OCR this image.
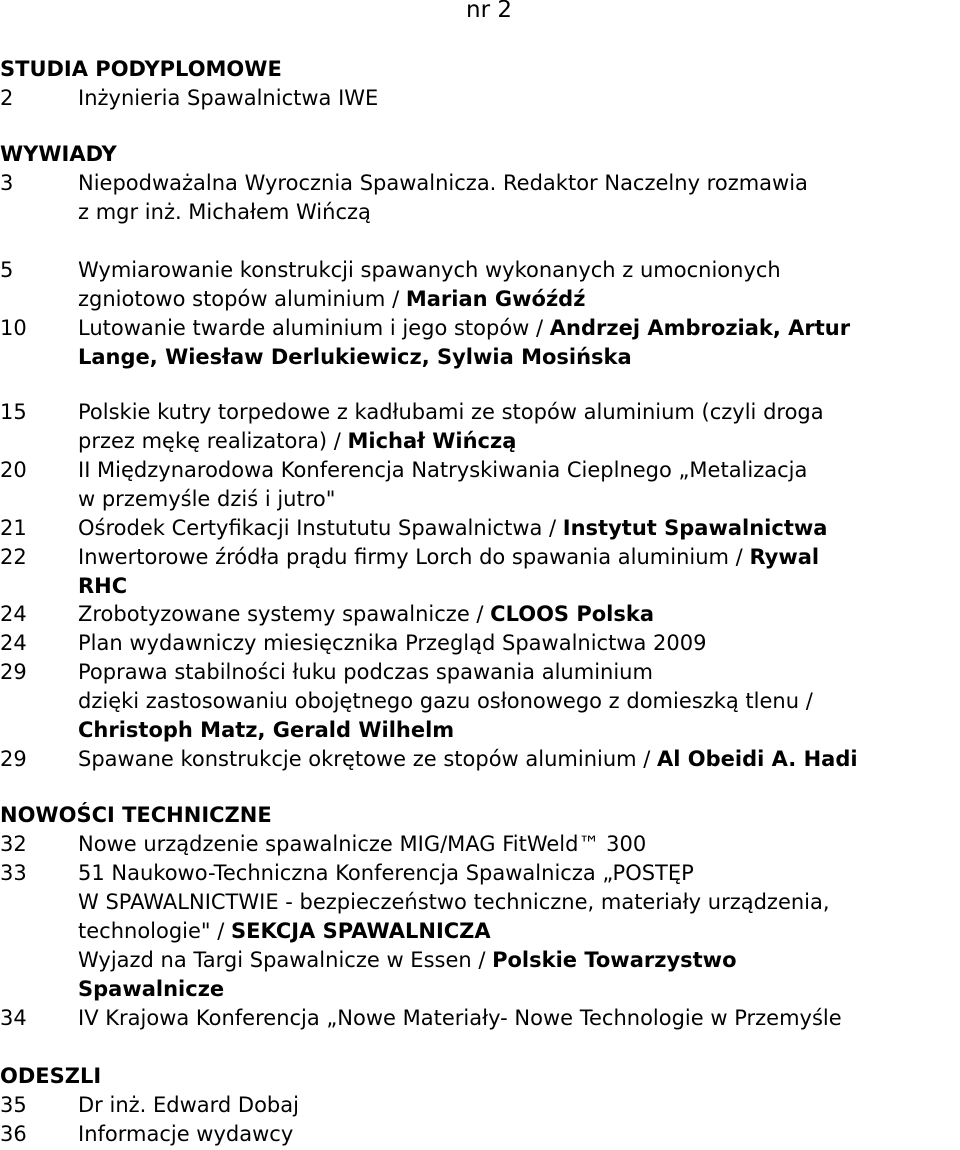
nr 2
STUDIA PODYPLOMOWE
2	Inżynieria Spawalnictwa IWE
WYWIADY
3	Niepodważalna Wyrocznia Spawalnicza. Redaktor Naczelny rozmawia
z mgr inż. Michałem Wińczą
5	Wymiarowanie konstrukcji spawanych wykonanych z umocnionych
zgniotowo stopów aluminium / Marian Gwóźdź
10 Lutowanie twarde aluminium i jego stopów / Andrzej Ambroziak, Artur
Lange, Wiesław Derlukiewicz, Sylwia Mosińska
15 Polskie kutry torpedowe z kadłubami ze stopów aluminium (czyli droga
przez mękę realizatora) / Michał Wińczą
20 II Międzynarodowa Konferencja Natryskiwania Cieplnego „Metalizacja
w przemyśle dziś i jutro"
21 Ośrodek Certyfikacji Instututu Spawalnictwa / Instytut Spawalnictwa
22 Inwertorowe źródła prądu firmy Lorch do spawania aluminium / Rywal
RHC
24 Zrobotyzowane systemy spawalnicze / CLOOS Polska
24 Plan wydawniczy miesięcznika Przegląd Spawalnictwa 2009
29 Poprawa stabilności łuku podczas spawania aluminium
dzięki zastosowaniu obojętnego gazu osłonowego z domieszką tlenu /
Christoph Matz, Gerald Wilhelm
29 Spawane konstrukcje okrętowe ze stopów aluminium / Al Obeidi A. Hadi
NOWOŚCI TECHNICZNE
32 Nowe urządzenie spawalnicze MIG/MAG FitWeld™ 300
33 51 Naukowo-Techniczna Konferencja Spawalnicza „POSTĘP
W SPAWALNICTWIE - bezpieczeństwo techniczne, materiały urządzenia,
technologie" / SEKCJA SPAWALNICZA
Wyjazd na Targi Spawalnicze w Essen / Polskie Towarzystwo
Spawalnicze
34 IV Krajowa Konferencja „Nowe Materiały- Nowe Technologie w Przemyśle
ODESZLI
35 Dr inż. Edward Dobaj
36 Informacje wydawcy
